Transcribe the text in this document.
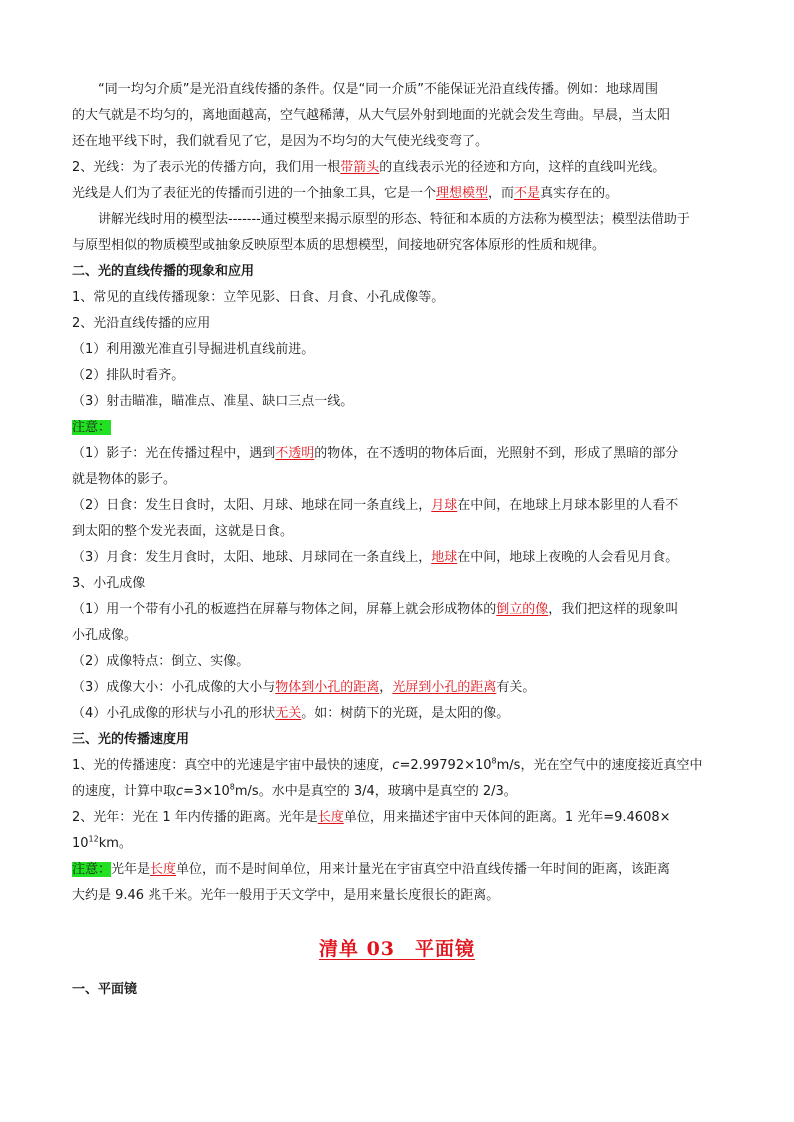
“同一均匀介质”是光沿直线传播的条件。仅是“同一介质”不能保证光沿直线传播。例如：地球周围
的大气就是不均匀的，离地面越高，空气越稀薄，从大气层外射到地面的光就会发生弯曲。早晨，当太阳
还在地平线下时，我们就看见了它，是因为不均匀的大气使光线变弯了。
2、光线：为了表示光的传播方向，我们用一根带箭头的直线表示光的径迹和方向，这样的直线叫光线。
光线是人们为了表征光的传播而引进的一个抽象工具，它是一个理想模型，而不是真实存在的。
讲解光线时用的模型法-------通过模型来揭示原型的形态、特征和本质的方法称为模型法；模型法借助于
与原型相似的物质模型或抽象反映原型本质的思想模型，间接地研究客体原形的性质和规律。
二、光的直线传播的现象和应用
1、常见的直线传播现象：立竿见影、日食、月食、小孔成像等。
2、光沿直线传播的应用
（1）利用激光准直引导掘进机直线前进。
（2）排队时看齐。
（3）射击瞄准，瞄准点、准星、缺口三点一线。
注意：
（1）影子：光在传播过程中，遇到不透明的物体，在不透明的物体后面，光照射不到，形成了黑暗的部分
就是物体的影子。
（2）日食：发生日食时，太阳、月球、地球在同一条直线上，月球在中间，在地球上月球本影里的人看不
到太阳的整个发光表面，这就是日食。
（3）月食：发生月食时，太阳、地球、月球同在一条直线上，地球在中间，地球上夜晚的人会看见月食。
3、小孔成像
（1）用一个带有小孔的板遮挡在屏幕与物体之间，屏幕上就会形成物体的倒立的像，我们把这样的现象叫
小孔成像。
（2）成像特点：倒立、实像。
（3）成像大小：小孔成像的大小与物体到小孔的距离，光屏到小孔的距离有关。
（4）小孔成像的形状与小孔的形状无关。如：树荫下的光斑，是太阳的像。
三、光的传播速度用
1、光的传播速度：真空中的光速是宇宙中最快的速度，$c=2.99792\times 10^8m/s$，光在空气中的速度接近真空中
的速度，计算中取$c=3\times 10^8m/s$。水中是真空的 3/4，玻璃中是真空的 2/3。
2、光年：光在 1 年内传播的距离。光年是长度单位，用来描述宇宙中天体间的距离。1 光年=9.4608×
$10^{12}km$。
注意：光年是长度单位，而不是时间单位，用来计量光在宇宙真空中沿直线传播一年时间的距离，该距离
大约是 9.46 兆千米。光年一般用于天文学中，是用来量长度很长的距离。
清单 03　平面镜
一、平面镜
